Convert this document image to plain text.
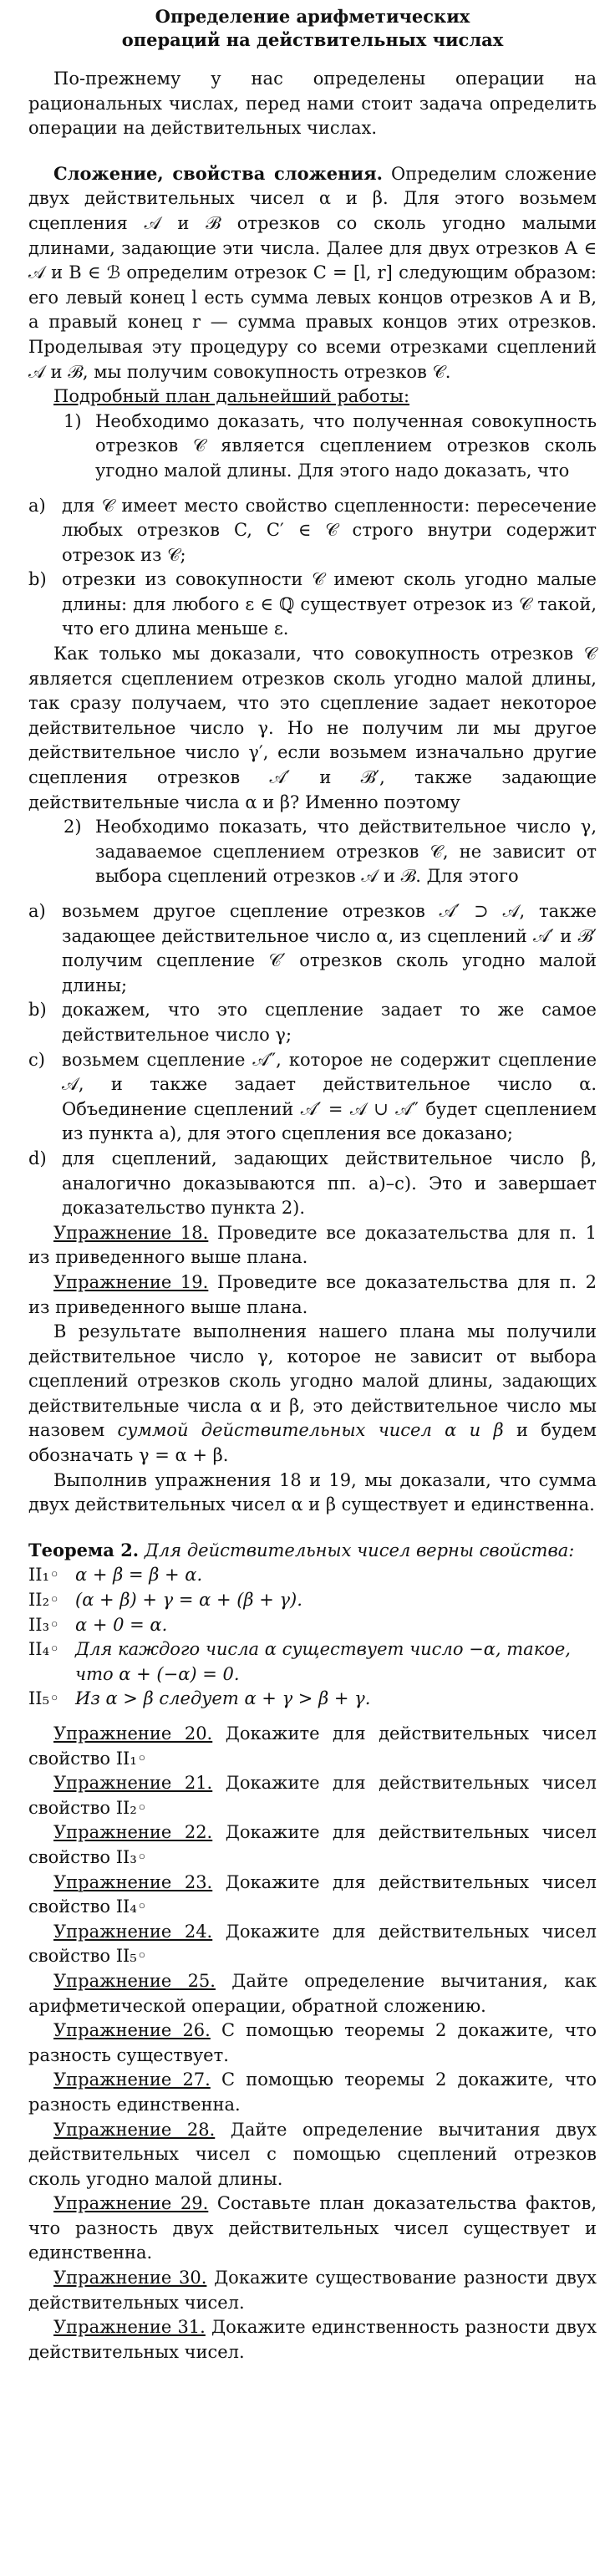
Определение арифметических
операций на действительных числах

По-прежнему у нас определены операции на рациональных числах, перед нами стоит задача определить операции на действительных числах.

Сложение, свойства сложения. Определим сложение двух действительных чисел α и β. Для этого возьмем сцепления 𝒜 и ℬ отрезков со сколь угодно малыми длинами, задающие эти числа. Далее для двух отрезков A ∈ 𝒜 и B ∈ ℬ определим отрезок C = [l, r] следующим образом: его левый конец l есть сумма левых концов отрезков A и B, а правый конец r — сумма правых концов этих отрезков. Проделывая эту процедуру со всеми отрезками сцеплений 𝒜 и ℬ, мы получим совокупность отрезков 𝒞.

Подробный план дальнейший работы:

1) Необходимо доказать, что полученная совокупность отрезков 𝒞 является сцеплением отрезков сколь угодно малой длины. Для этого надо доказать, что
a) для 𝒞 имеет место свойство сцепленности: пересечение любых отрезков C, C′ ∈ 𝒞 строго внутри содержит отрезок из 𝒞;
b) отрезки из совокупности 𝒞 имеют сколь угодно малые длины: для любого ε ∈ ℚ существует отрезок из 𝒞 такой, что его длина меньше ε.

Как только мы доказали, что совокупность отрезков 𝒞 является сцеплением отрезков сколь угодно малой длины, так сразу получаем, что это сцепление задает некоторое действительное число γ. Но не получим ли мы другое действительное число γ′, если возьмем изначально другие сцепления отрезков 𝒜′ и ℬ′, также задающие действительные числа α и β? Именно поэтому

2) Необходимо показать, что действительное число γ, задаваемое сцеплением отрезков 𝒞, не зависит от выбора сцеплений отрезков 𝒜 и ℬ. Для этого
a) возьмем другое сцепление отрезков 𝒜′ ⊃ 𝒜, также задающее действительное число α, из сцеплений 𝒜′ и ℬ′ получим сцепление 𝒞′ отрезков сколь угодно малой длины;
b) докажем, что это сцепление задает то же самое действительное число γ;
c) возьмем сцепление 𝒜″, которое не содержит сцепление 𝒜, и также задает действительное число α. Объединение сцеплений 𝒜′ = 𝒜 ∪ 𝒜″ будет сцеплением из пункта a), для этого сцепления все доказано;
d) для сцеплений, задающих действительное число β, аналогично доказываются пп. a)–c). Это и завершает доказательство пункта 2).

Упражнение 18. Проведите все доказательства для п. 1 из приведенного выше плана.

Упражнение 19. Проведите все доказательства для п. 2 из приведенного выше плана.

В результате выполнения нашего плана мы получили действительное число γ, которое не зависит от выбора сцеплений отрезков сколь угодно малой длины, задающих действительные числа α и β, это действительное число мы назовем суммой действительных чисел α и β и будем обозначать γ = α + β.

Выполнив упражнения 18 и 19, мы доказали, что сумма двух действительных чисел α и β существует и единственна.

Теорема 2. Для действительных чисел верны свойства:

II₁◦ α + β = β + α.
II₂◦ (α + β) + γ = α + (β + γ).
II₃◦ α + 0 = α.
II₄◦ Для каждого числа α существует число −α, такое, что α + (−α) = 0.
II₅◦ Из α > β следует α + γ > β + γ.

Упражнение 20. Докажите для действительных чисел свойство II₁◦

Упражнение 21. Докажите для действительных чисел свойство II₂◦

Упражнение 22. Докажите для действительных чисел свойство II₃◦

Упражнение 23. Докажите для действительных чисел свойство II₄◦

Упражнение 24. Докажите для действительных чисел свойство II₅◦

Упражнение 25. Дайте определение вычитания, как арифметической операции, обратной сложению.

Упражнение 26. С помощью теоремы 2 докажите, что разность существует.

Упражнение 27. С помощью теоремы 2 докажите, что разность единственна.

Упражнение 28. Дайте определение вычитания двух действительных чисел с помощью сцеплений отрезков сколь угодно малой длины.

Упражнение 29. Составьте план доказательства фактов, что разность двух действительных чисел существует и единственна.

Упражнение 30. Докажите существование разности двух действительных чисел.

Упражнение 31. Докажите единственность разности двух действительных чисел.
